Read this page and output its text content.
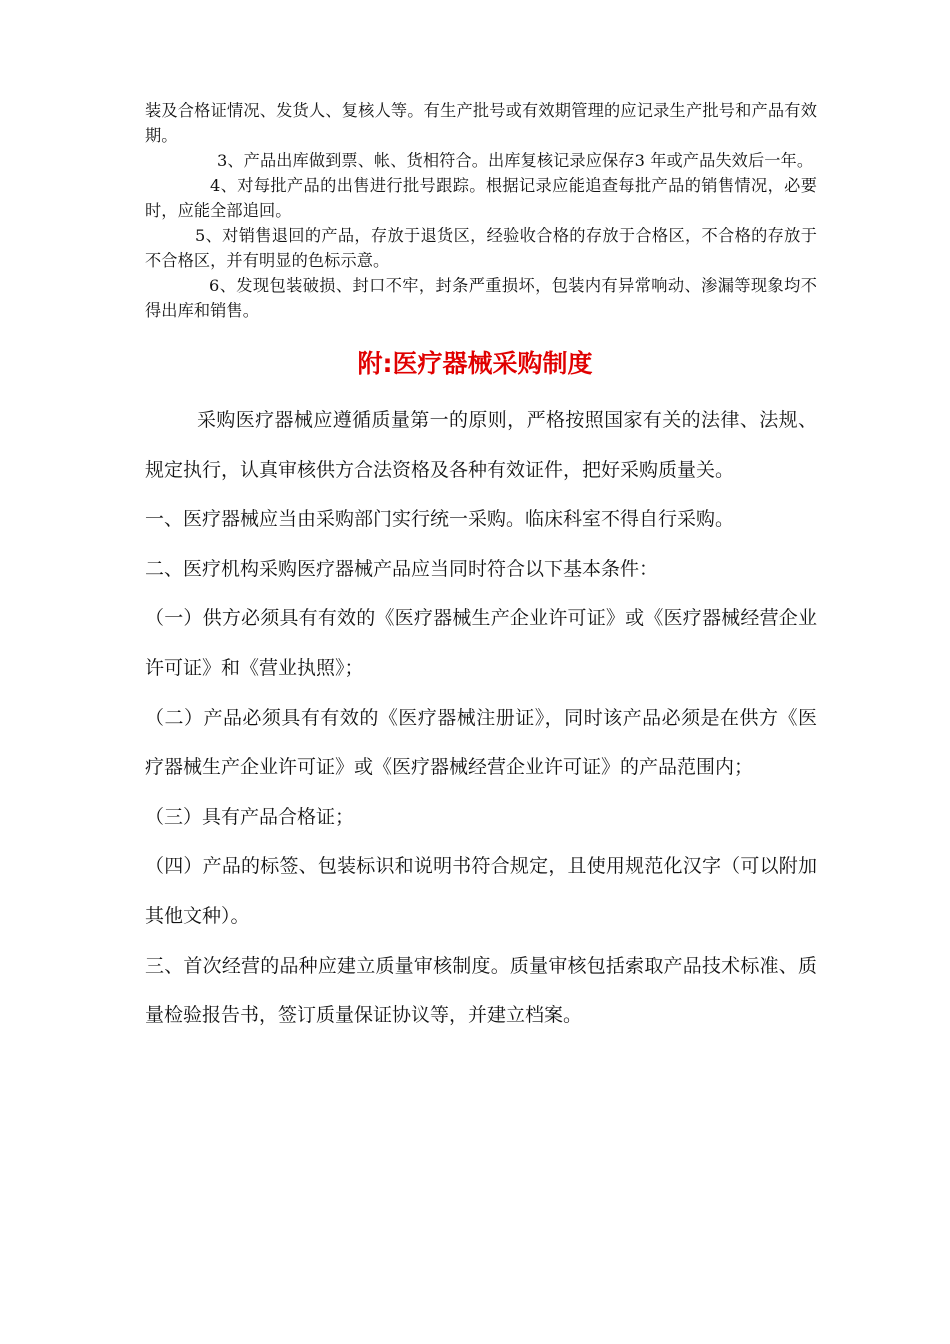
装及合格证情况、发货人、复核人等。有生产批号或有效期管理的应记录生产批号和产品有效期。

3、产品出库做到票、帐、货相符合。出库复核记录应保存3 年或产品失效后一年。

4、对每批产品的出售进行批号跟踪。根据记录应能追查每批产品的销售情况，必要时，应能全部追回。

5、对销售退回的产品，存放于退货区，经验收合格的存放于合格区，不合格的存放于不合格区，并有明显的色标示意。

6、发现包装破损、封口不牢，封条严重损坏，包装内有异常响动、渗漏等现象均不得出库和销售。

附:医疗器械采购制度

采购医疗器械应遵循质量第一的原则，严格按照国家有关的法律、法规、规定执行，认真审核供方合法资格及各种有效证件，把好采购质量关。

一、医疗器械应当由采购部门实行统一采购。临床科室不得自行采购。

二、医疗机构采购医疗器械产品应当同时符合以下基本条件：

（一）供方必须具有有效的《医疗器械生产企业许可证》或《医疗器械经营企业许可证》和《营业执照》；

（二）产品必须具有有效的《医疗器械注册证》，同时该产品必须是在供方《医疗器械生产企业许可证》或《医疗器械经营企业许可证》的产品范围内；

（三）具有产品合格证；

（四）产品的标签、包装标识和说明书符合规定，且使用规范化汉字（可以附加其他文种）。

三、首次经营的品种应建立质量审核制度。质量审核包括索取产品技术标准、质量检验报告书，签订质量保证协议等，并建立档案。
